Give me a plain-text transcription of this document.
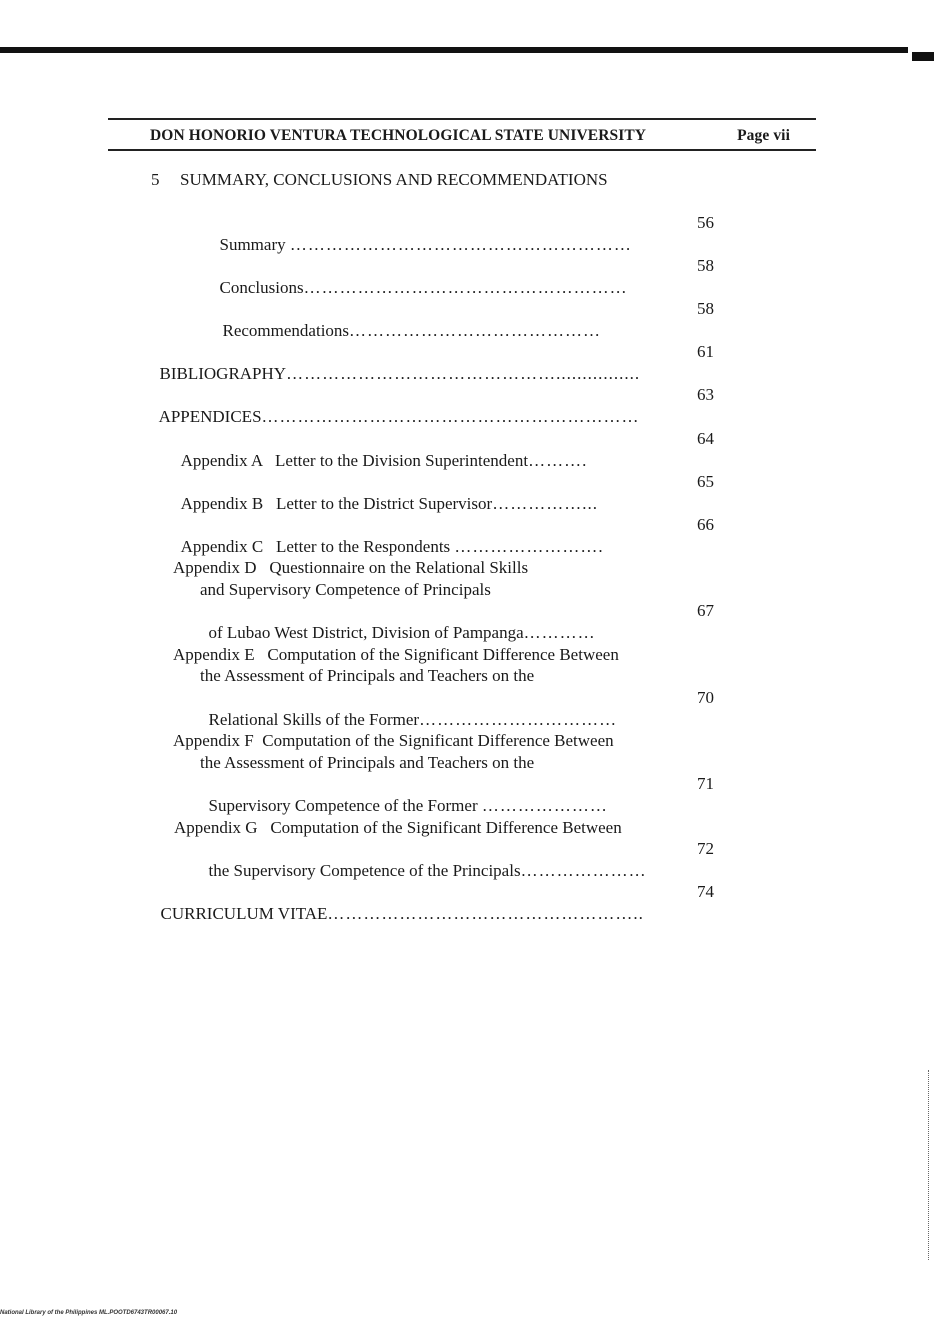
DON HONORIO VENTURA TECHNOLOGICAL STATE UNIVERSITY	Page vii
5 SUMMARY, CONCLUSIONS AND RECOMMENDATIONS

Summary …………………………………………………

56

Conclusions………………………………………………

58

Recommendations……………………………………

58

BIBLIOGRAPHY………………………………………................

61

APPENDICES………………………………………………………

63

Appendix A   Letter to the Division Superintendent……….

64

Appendix B   Letter to the District Supervisor……………...

65

Appendix C   Letter to the Respondents …………………….

66
Appendix D   Questionnaire on the Relational Skills
and Supervisory Competence of Principals

of Lubao West District, Division of Pampanga…………

67
Appendix E   Computation of the Significant Difference Between
the Assessment of Principals and Teachers on the

Relational Skills of the Former……………………………

70
Appendix F  Computation of the Significant Difference Between
the Assessment of Principals and Teachers on the

Supervisory Competence of the Former …………………

71
Appendix G   Computation of the Significant Difference Between

the Supervisory Competence of the Principals…………………

72

CURRICULUM VITAE……………………………………………..

74
National Library of the Philippines ML.POOTD6743TR00067.10
